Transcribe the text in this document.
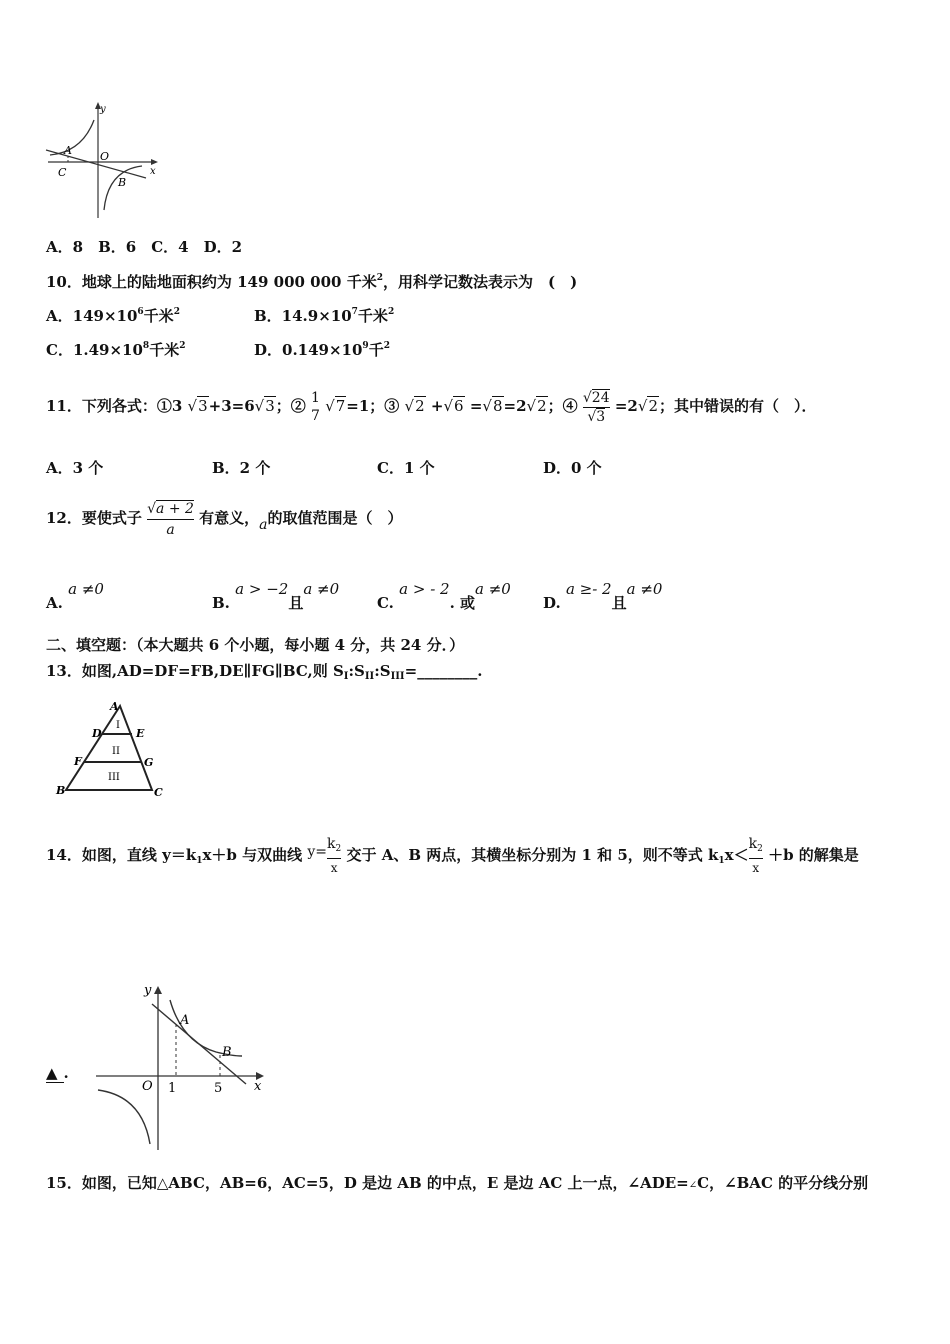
y
x
A	O
C
B
A．8　B．6　C．4　D．2
10．地球上的陆地面积约为 149 000 000 千米$^2$，用科学记数法表示为　(　)
A．$149\times 10^6$千米$^2$	B．$14.9\times 10^7$千米$^2$
C．$1.49\times 10^8$千米$^2$	D．$0.149\times 10^9$千$^2$
11．下列各式：①3 √3+3=6√3；② 1
7
√7=1；③ √2 +√6 =√8=2√2；④ $\frac{√24}{√3} =2√2$；其中错误的有（　）．
A．3 个	B．2 个	C．1 个	D．0 个
12．要使式子 $\frac{√a + 2}{a}$ 有意义，a的取值范围是（　）
A. a ≠0
B. a > −2且a ≠0
C. a > - 2. 或a ≠0
D. a ≥- 2且a ≠0
二、填空题：（本大题共 6 个小题，每小题 4 分，共 24 分．）
13．如图,AD=DF=FB,DE∥FG∥BC,则 $S_I:S_{II}:S_{III}=\_\_\_\_\_\_\_\_$.
A
D	E
F	G
B	C
I
II
III
14．如图，直线 $y=k_1x+b$ 与双曲线 $y= \frac{k_2}{x}$ 交于 A、B 两点，其横坐标分别为 1 和 5，则不等式 $k_1x< \frac{k_2}{x} +b$ 的解集是
▲ .
y
x
O
A
B
1	5
15．如图，已知△ABC，AB=6，AC=5，D 是边 AB 的中点，E 是边 AC 上一点，∠ADE=∠C，∠BAC 的平分线分别
